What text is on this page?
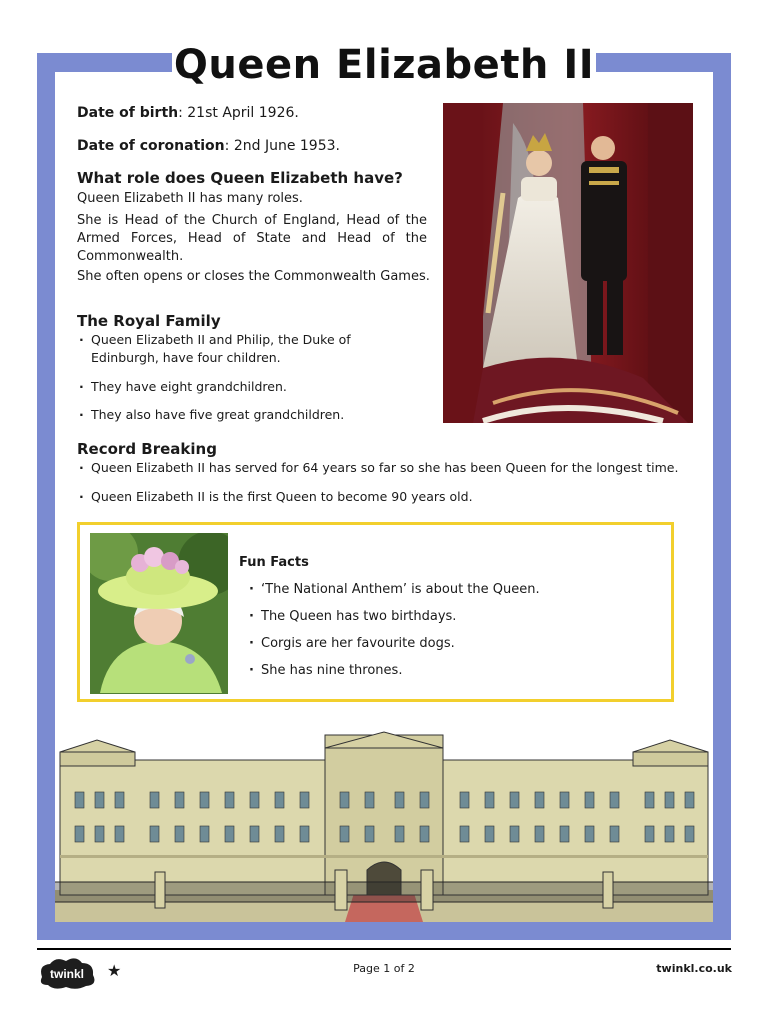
Queen Elizabeth II
Date of birth: 21st April 1926.
Date of coronation: 2nd June 1953.
What role does Queen Elizabeth have?
Queen Elizabeth II has many roles.
She is Head of the Church of England, Head of the Armed Forces, Head of State and Head of the Commonwealth.
She often opens or closes the Commonwealth Games.
The Royal Family
· Queen Elizabeth II and Philip, the Duke of Edinburgh, have four children.
· They have eight grandchildren.
· They also have five great grandchildren.
Record Breaking
· Queen Elizabeth II has served for 64 years so far so she has been Queen for the longest time.
· Queen Elizabeth II is the first Queen to become 90 years old.
Fun Facts
· ‘The National Anthem’ is about the Queen.
· The Queen has two birthdays.
· Corgis are her favourite dogs.
· She has nine thrones.
twinkl ★	Page 1 of 2	twinkl.co.uk
